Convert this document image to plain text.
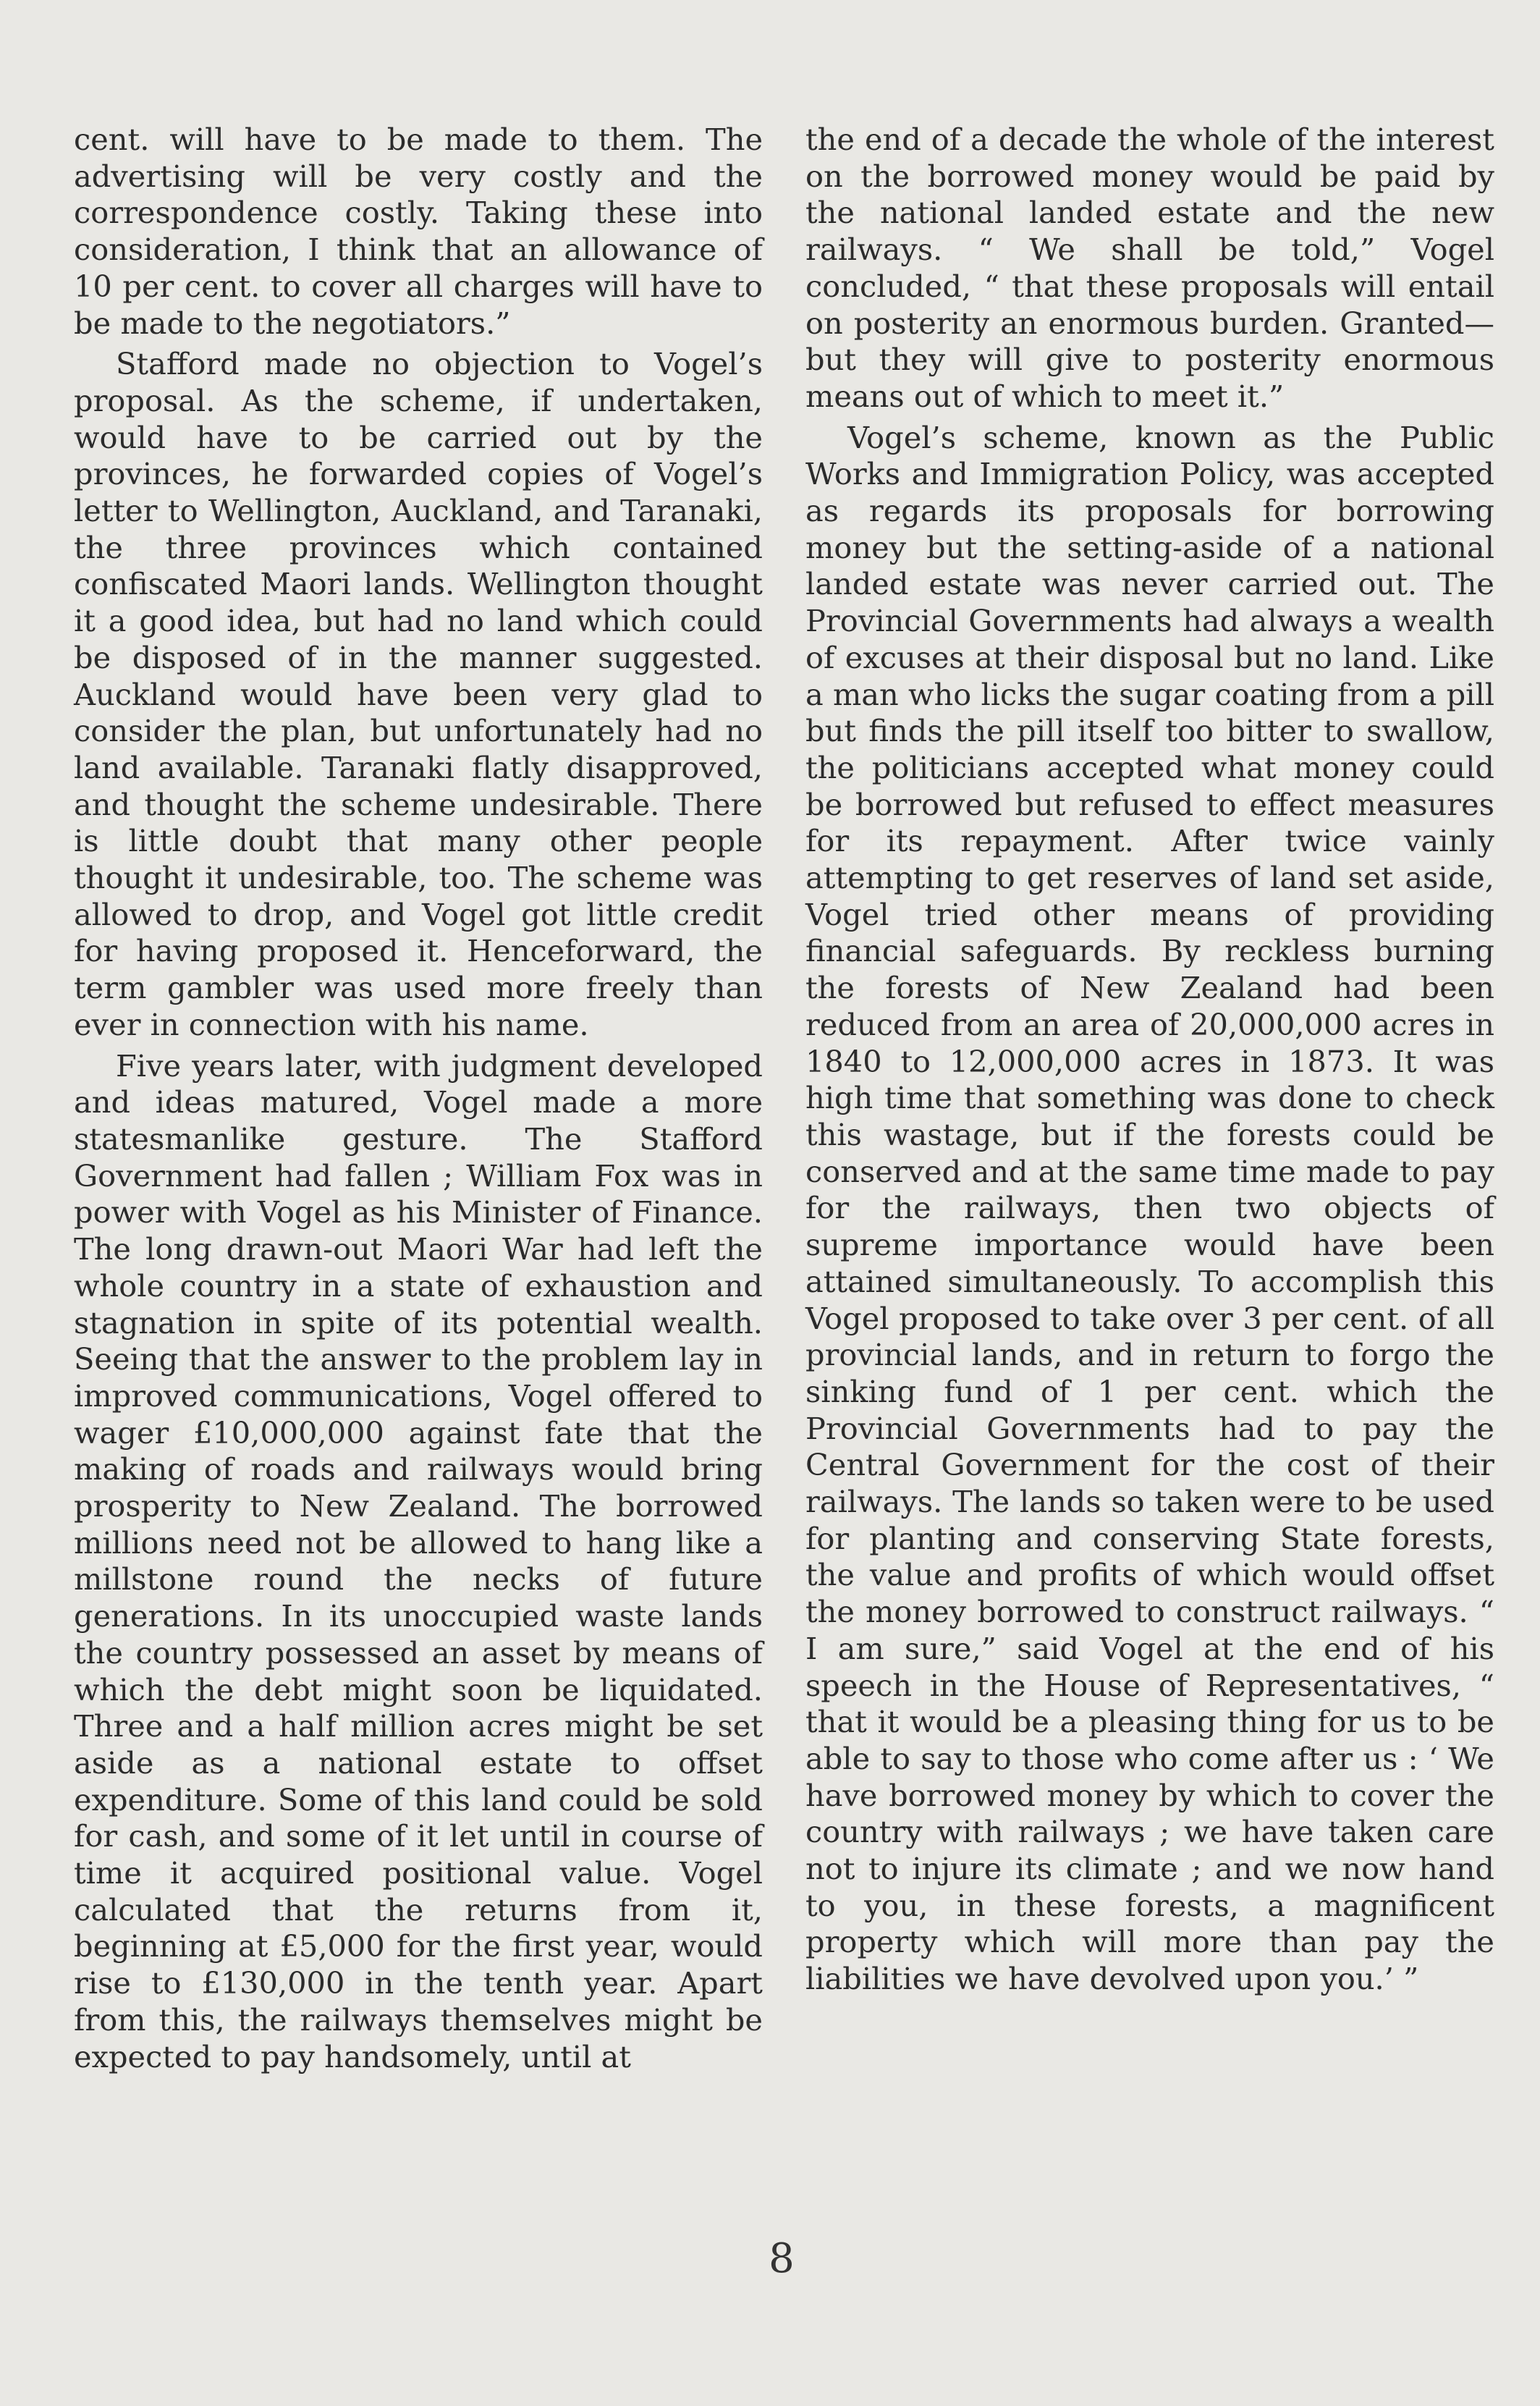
cent. will have to be made to them. The advertising will be very costly and the correspondence costly. Taking these into consideration, I think that an allowance of 10 per cent. to cover all charges will have to be made to the negotiators.”

Stafford made no objection to Vogel’s proposal. As the scheme, if undertaken, would have to be carried out by the provinces, he forwarded copies of Vogel’s letter to Wellington, Auckland, and Taranaki, the three provinces which contained confiscated Maori lands. Wellington thought it a good idea, but had no land which could be disposed of in the manner suggested. Auckland would have been very glad to consider the plan, but unfortunately had no land available. Taranaki flatly disapproved, and thought the scheme undesirable. There is little doubt that many other people thought it undesirable, too. The scheme was allowed to drop, and Vogel got little credit for having proposed it. Henceforward, the term gambler was used more freely than ever in connection with his name.

Five years later, with judgment developed and ideas matured, Vogel made a more statesmanlike gesture. The Stafford Government had fallen ; William Fox was in power with Vogel as his Minister of Finance. The long drawn-out Maori War had left the whole country in a state of exhaustion and stagnation in spite of its potential wealth. Seeing that the answer to the problem lay in improved communications, Vogel offered to wager £10,000,000 against fate that the making of roads and railways would bring prosperity to New Zealand. The borrowed millions need not be allowed to hang like a millstone round the necks of future generations. In its unoccupied waste lands the country possessed an asset by means of which the debt might soon be liquidated. Three and a half million acres might be set aside as a national estate to offset expenditure. Some of this land could be sold for cash, and some of it let until in course of time it acquired positional value. Vogel calculated that the returns from it, beginning at £5,000 for the first year, would rise to £130,000 in the tenth year. Apart from this, the railways themselves might be expected to pay handsomely, until at

the end of a decade the whole of the interest on the borrowed money would be paid by the national landed estate and the new railways. “ We shall be told,” Vogel concluded, “ that these proposals will entail on posterity an enormous burden. Granted—but they will give to posterity enormous means out of which to meet it.”

Vogel’s scheme, known as the Public Works and Immigration Policy, was accepted as regards its proposals for borrowing money but the setting-aside of a national landed estate was never carried out. The Provincial Governments had always a wealth of excuses at their disposal but no land. Like a man who licks the sugar coating from a pill but finds the pill itself too bitter to swallow, the politicians accepted what money could be borrowed but refused to effect measures for its repayment. After twice vainly attempting to get reserves of land set aside, Vogel tried other means of providing financial safeguards. By reckless burning the forests of New Zealand had been reduced from an area of 20,000,000 acres in 1840 to 12,000,000 acres in 1873. It was high time that something was done to check this wastage, but if the forests could be conserved and at the same time made to pay for the railways, then two objects of supreme importance would have been attained simultaneously. To accomplish this Vogel proposed to take over 3 per cent. of all provincial lands, and in return to forgo the sinking fund of 1 per cent. which the Provincial Governments had to pay the Central Government for the cost of their railways. The lands so taken were to be used for planting and conserving State forests, the value and profits of which would offset the money borrowed to construct railways. “ I am sure,” said Vogel at the end of his speech in the House of Representatives, “ that it would be a pleasing thing for us to be able to say to those who come after us : ‘ We have borrowed money by which to cover the country with railways ; we have taken care not to injure its climate ; and we now hand to you, in these forests, a magnificent property which will more than pay the liabilities we have devolved upon you.’ ”

8
